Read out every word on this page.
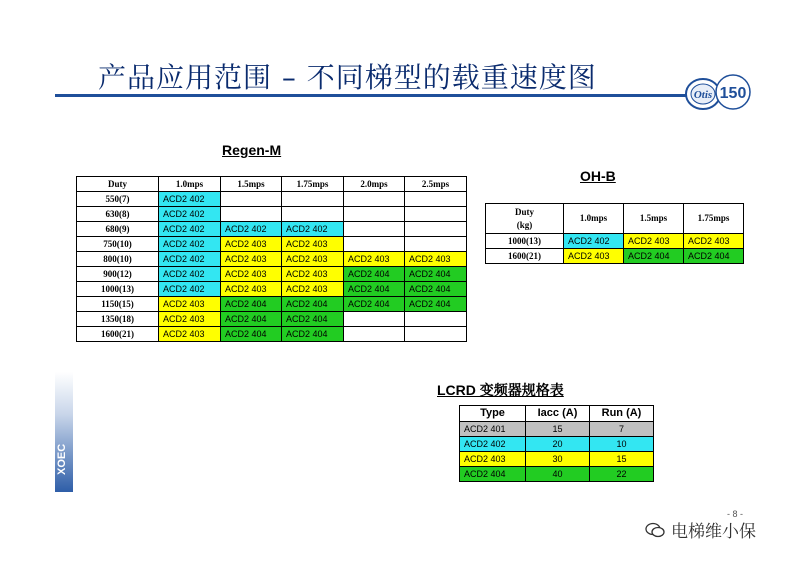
产品应用范围 – 不同梯型的载重速度图
Otis 150
XOEC
Regen-M
Duty	1.0mps	1.5mps	1.75mps	2.0mps	2.5mps
550(7)	ACD2 402				
630(8)	ACD2 402				
680(9)	ACD2 402	ACD2 402	ACD2 402		
750(10)	ACD2 402	ACD2 403	ACD2 403		
800(10)	ACD2 402	ACD2 403	ACD2 403	ACD2 403	ACD2 403
900(12)	ACD2 402	ACD2 403	ACD2 403	ACD2 404	ACD2 404
1000(13)	ACD2 402	ACD2 403	ACD2 403	ACD2 404	ACD2 404
1150(15)	ACD2 403	ACD2 404	ACD2 404	ACD2 404	ACD2 404
1350(18)	ACD2 403	ACD2 404	ACD2 404		
1600(21)	ACD2 403	ACD2 404	ACD2 404		
OH-B
Duty
(kg)	1.0mps	1.5mps	1.75mps
1000(13)	ACD2 402	ACD2 403	ACD2 403
1600(21)	ACD2 403	ACD2 404	ACD2 404
LCRD 变频器规格表
Type	Iacc (A)	Run (A)
ACD2 401	15	7
ACD2 402	20	10
ACD2 403	30	15
ACD2 404	40	22
- 8 -
电梯维小保
